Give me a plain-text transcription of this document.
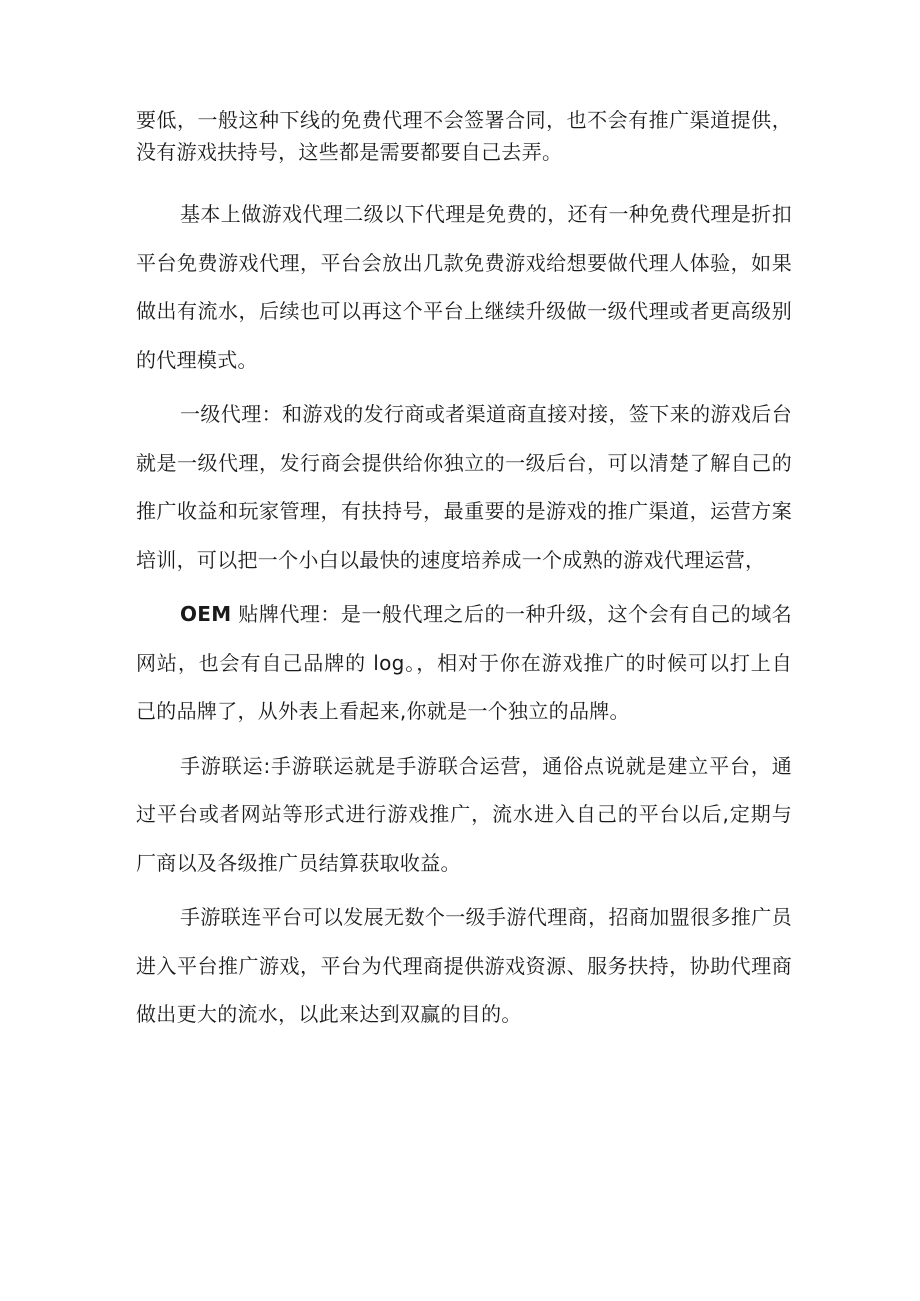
要低，一般这种下线的免费代理不会签署合同，也不会有推广渠道提供，没有游戏扶持号，这些都是需要都要自己去弄。

基本上做游戏代理二级以下代理是免费的，还有一种免费代理是折扣平台免费游戏代理，平台会放出几款免费游戏给想要做代理人体验，如果做出有流水，后续也可以再这个平台上继续升级做一级代理或者更高级别的代理模式。

一级代理：和游戏的发行商或者渠道商直接对接，签下来的游戏后台就是一级代理，发行商会提供给你独立的一级后台，可以清楚了解自己的推广收益和玩家管理，有扶持号，最重要的是游戏的推广渠道，运营方案培训，可以把一个小白以最快的速度培养成一个成熟的游戏代理运营，

OEM 贴牌代理：是一般代理之后的一种升级，这个会有自己的域名网站，也会有自己品牌的 log。，相对于你在游戏推广的时候可以打上自己的品牌了，从外表上看起来,你就是一个独立的品牌。

手游联运:手游联运就是手游联合运营，通俗点说就是建立平台，通过平台或者网站等形式进行游戏推广，流水进入自己的平台以后,定期与厂商以及各级推广员结算获取收益。

手游联连平台可以发展无数个一级手游代理商，招商加盟很多推广员进入平台推广游戏，平台为代理商提供游戏资源、服务扶持，协助代理商做出更大的流水，以此来达到双赢的目的。
